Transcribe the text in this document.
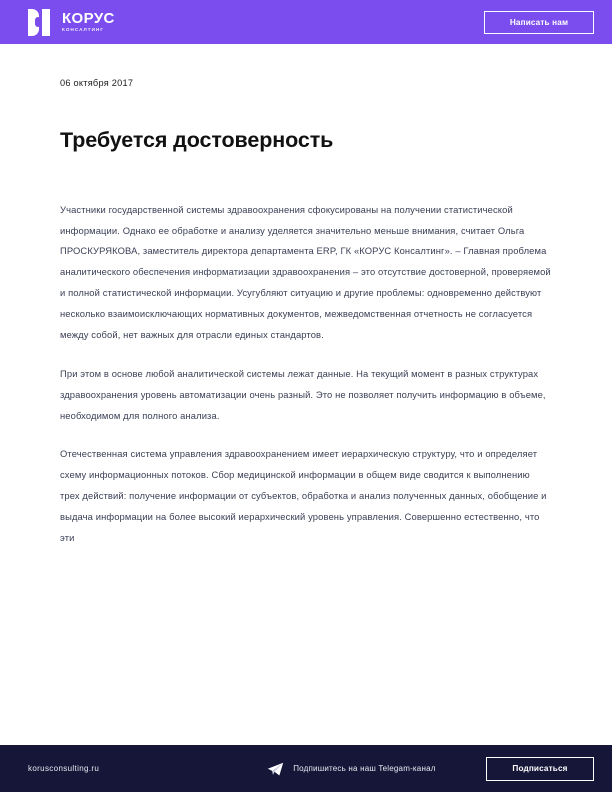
КОРУС
КОНСАЛТИНГ
Написать нам
06 октября 2017
Требуется достоверность

Участники государственной системы здравоохранения сфокусированы на получении статистической информации. Однако ее обработке и анализу уделяется значительно меньше внимания, считает Ольга ПРОСКУРЯКОВА, заместитель директора департамента ERP, ГК «КОРУС Консалтинг». – Главная проблема аналитического обеспечения информатизации здравоохранения – это отсутствие достоверной, проверяемой и полной статистической информации. Усугубляют ситуацию и другие проблемы: одновременно действуют несколько взаимоисключающих нормативных документов, межведомственная отчетность не согласуется между собой, нет важных для отрасли единых стандартов.

При этом в основе любой аналитической системы лежат данные. На текущий момент в разных структурах здравоохранения уровень автоматизации очень разный. Это не позволяет получить информацию в объеме, необходимом для полного анализа.

Отечественная система управления здравоохранением имеет иерархическую структуру, что и определяет схему информационных потоков. Сбор медицинской информации в общем виде сводится к выполнению трех действий: получение информации от субъектов, обработка и анализ полученных данных, обобщение и выдача информации на более высокий иерархический уровень управления. Совершенно естественно, что эти

korusconsulting.ru	Подпишитесь на наш Telegam-канал	Подписаться
